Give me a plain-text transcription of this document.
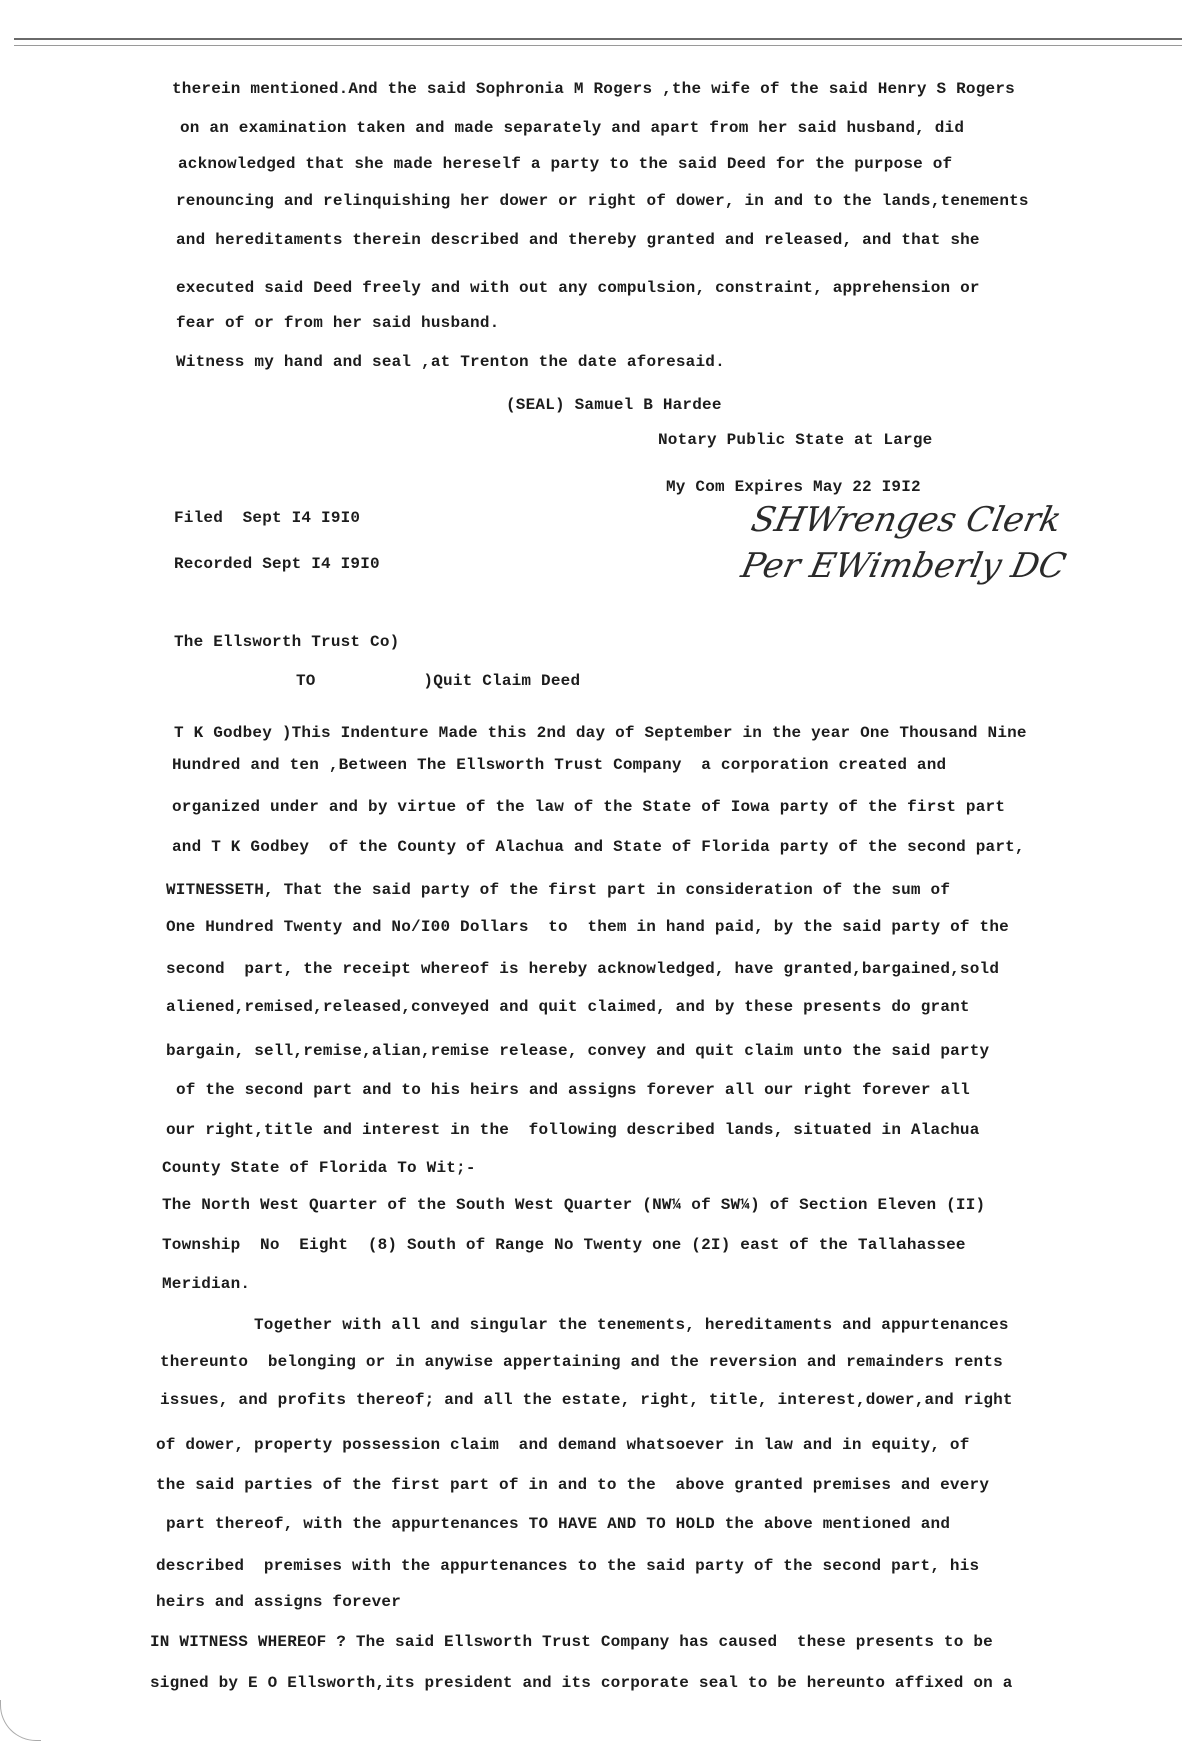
therein mentioned.And the said Sophronia M Rogers ,the wife of the said Henry S Rogers
on an examination taken and made separately and apart from her said husband, did
acknowledged that she made hereself a party to the said Deed for the purpose of
renouncing and relinquishing her dower or right of dower, in and to the lands,tenements
and hereditaments therein described and thereby granted and released, and that she
executed said Deed freely and with out any compulsion, constraint, apprehension or
fear of or from her said husband.
Witness my hand and seal ,at Trenton the date aforesaid.
(SEAL) Samuel B Hardee
Notary Public State at Large
My Com Expires May 22 I9I2
Filed  Sept I4 I9I0
Recorded Sept I4 I9I0
SHWrenges Clerk
Per EWimberly DC
The Ellsworth Trust Co)
TO           )Quit Claim Deed
T K Godbey )This Indenture Made this 2nd day of September in the year One Thousand Nine
Hundred and ten ,Between The Ellsworth Trust Company  a corporation created and
organized under and by virtue of the law of the State of Iowa party of the first part
and T K Godbey  of the County of Alachua and State of Florida party of the second part,
WITNESSETH, That the said party of the first part in consideration of the sum of
One Hundred Twenty and No/I00 Dollars  to  them in hand paid, by the said party of the
second  part, the receipt whereof is hereby acknowledged, have granted,bargained,sold
aliened,remised,released,conveyed and quit claimed, and by these presents do grant
bargain, sell,remise,alian,remise release, convey and quit claim unto the said party
of the second part and to his heirs and assigns forever all our right forever all
our right,title and interest in the  following described lands, situated in Alachua
County State of Florida To Wit;-
The North West Quarter of the South West Quarter (NW¼ of SW¼) of Section Eleven (II)
Township  No  Eight  (8) South of Range No Twenty one (2I) east of the Tallahassee
Meridian.
Together with all and singular the tenements, hereditaments and appurtenances
thereunto  belonging or in anywise appertaining and the reversion and remainders rents
issues, and profits thereof; and all the estate, right, title, interest,dower,and right
of dower, property possession claim  and demand whatsoever in law and in equity, of
the said parties of the first part of in and to the  above granted premises and every
part thereof, with the appurtenances TO HAVE AND TO HOLD the above mentioned and
described  premises with the appurtenances to the said party of the second part, his
heirs and assigns forever
IN WITNESS WHEREOF ? The said Ellsworth Trust Company has caused  these presents to be
signed by E O Ellsworth,its president and its corporate seal to be hereunto affixed on a
